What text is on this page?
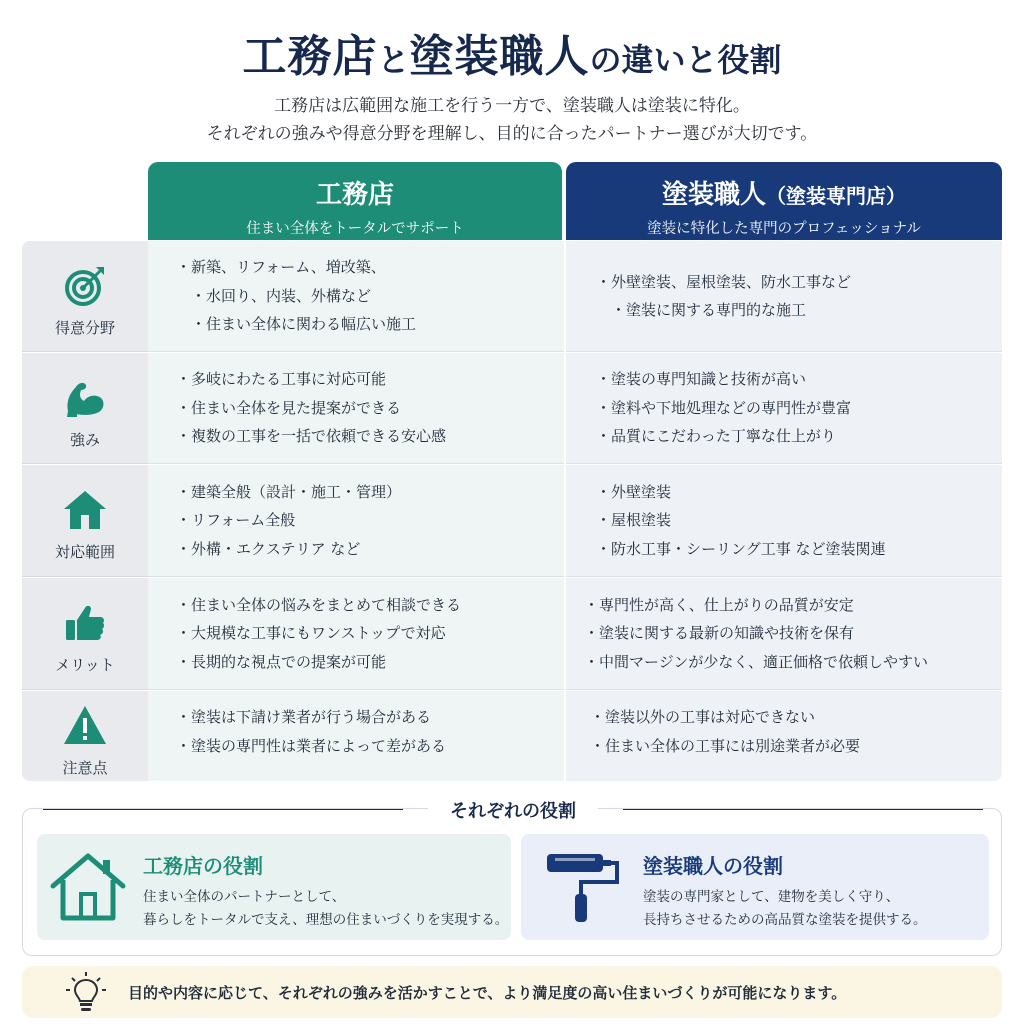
工務店と塗装職人の違いと役割
工務店は広範囲な施工を行う一方で、塗装職人は塗装に特化。
それぞれの強みや得意分野を理解し、目的に合ったパートナー選びが大切です。
工務店
住まい全体をトータルでサポート
塗装職人（塗装専門店）
塗装に特化した専門のプロフェッショナル
得意分野
・ 新築、リフォーム、増改築、
・ 水回り、内装、外構など
・ 住まい全体に関わる幅広い施工
・ 外壁塗装、屋根塗装、防水工事など
・ 塗装に関する専門的な施工
強み
・ 多岐にわたる工事に対応可能
・ 住まい全体を見た提案ができる
・ 複数の工事を一括で依頼できる安心感
・ 塗装の専門知識と技術が高い
・ 塗料や下地処理などの専門性が豊富
・ 品質にこだわった丁寧な仕上がり
対応範囲
・ 建築全般（設計・施工・管理）
・ リフォーム全般
・ 外構・エクステリア など
・ 外壁塗装
・ 屋根塗装
・ 防水工事・シーリング工事 など塗装関連
メリット
・ 住まい全体の悩みをまとめて相談できる
・ 大規模な工事にもワンストップで対応
・ 長期的な視点での提案が可能
・ 専門性が高く、仕上がりの品質が安定
・ 塗装に関する最新の知識や技術を保有
・ 中間マージンが少なく、適正価格で依頼しやすい
注意点
・ 塗装は下請け業者が行う場合がある
・ 塗装の専門性は業者によって差がある
・ 塗装以外の工事は対応できない
・ 住まい全体の工事には別途業者が必要
それぞれの役割
工務店の役割
住まい全体のパートナーとして、
暮らしをトータルで支え、理想の住まいづくりを実現する。
塗装職人の役割
塗装の専門家として、建物を美しく守り、
長持ちさせるための高品質な塗装を提供する。
目的や内容に応じて、それぞれの強みを活かすことで、より満足度の高い住まいづくりが可能になります。
